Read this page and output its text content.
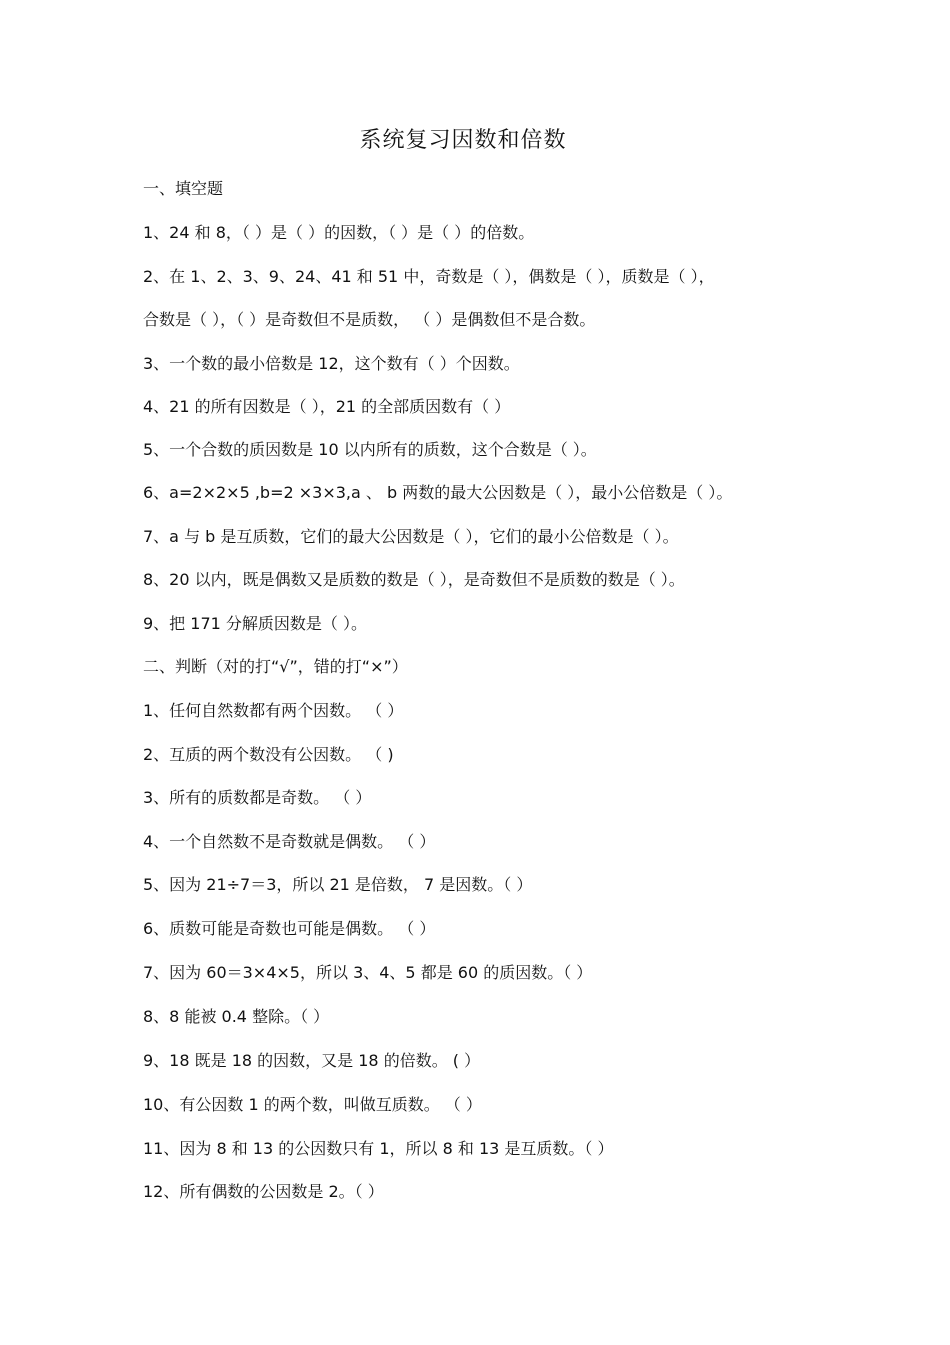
系统复习因数和倍数
一、填空题
1、24 和 8，（ ）是（ ）的因数，（ ）是（ ）的倍数。
2、在 1、2、3、9、24、41 和 51 中，奇数是（ ），偶数是（ ），质数是（ ），
合数是（ ），（ ）是奇数但不是质数， （ ）是偶数但不是合数。
3、一个数的最小倍数是 12，这个数有（ ）个因数。
4、21 的所有因数是（ ），21 的全部质因数有（ ）
5、一个合数的质因数是 10 以内所有的质数，这个合数是（ ）。
6、a=2×2×5 ,b=2 ×3×3,a 、 b 两数的最大公因数是（ ），最小公倍数是（ ）。
7、a 与 b 是互质数，它们的最大公因数是（ ），它们的最小公倍数是（ ）。
8、20 以内，既是偶数又是质数的数是（ ），是奇数但不是质数的数是（ ）。
9、把 171 分解质因数是（ ）。
二、判断（对的打“√”，错的打“×”）
1、任何自然数都有两个因数。 （ ）
2、互质的两个数没有公因数。 （ )
3、所有的质数都是奇数。 （ ）
4、一个自然数不是奇数就是偶数。 （ ）
5、因为 21÷7＝3，所以 21 是倍数， 7 是因数。（ ）
6、质数可能是奇数也可能是偶数。 （ ）
7、因为 60＝3×4×5，所以 3、4、5 都是 60 的质因数。（ ）
8、8 能被 0.4 整除。（ ）
9、18 既是 18 的因数，又是 18 的倍数。 ( ）
10、有公因数 1 的两个数，叫做互质数。 （ ）
11、因为 8 和 13 的公因数只有 1，所以 8 和 13 是互质数。（ ）
12、所有偶数的公因数是 2。（ ）
